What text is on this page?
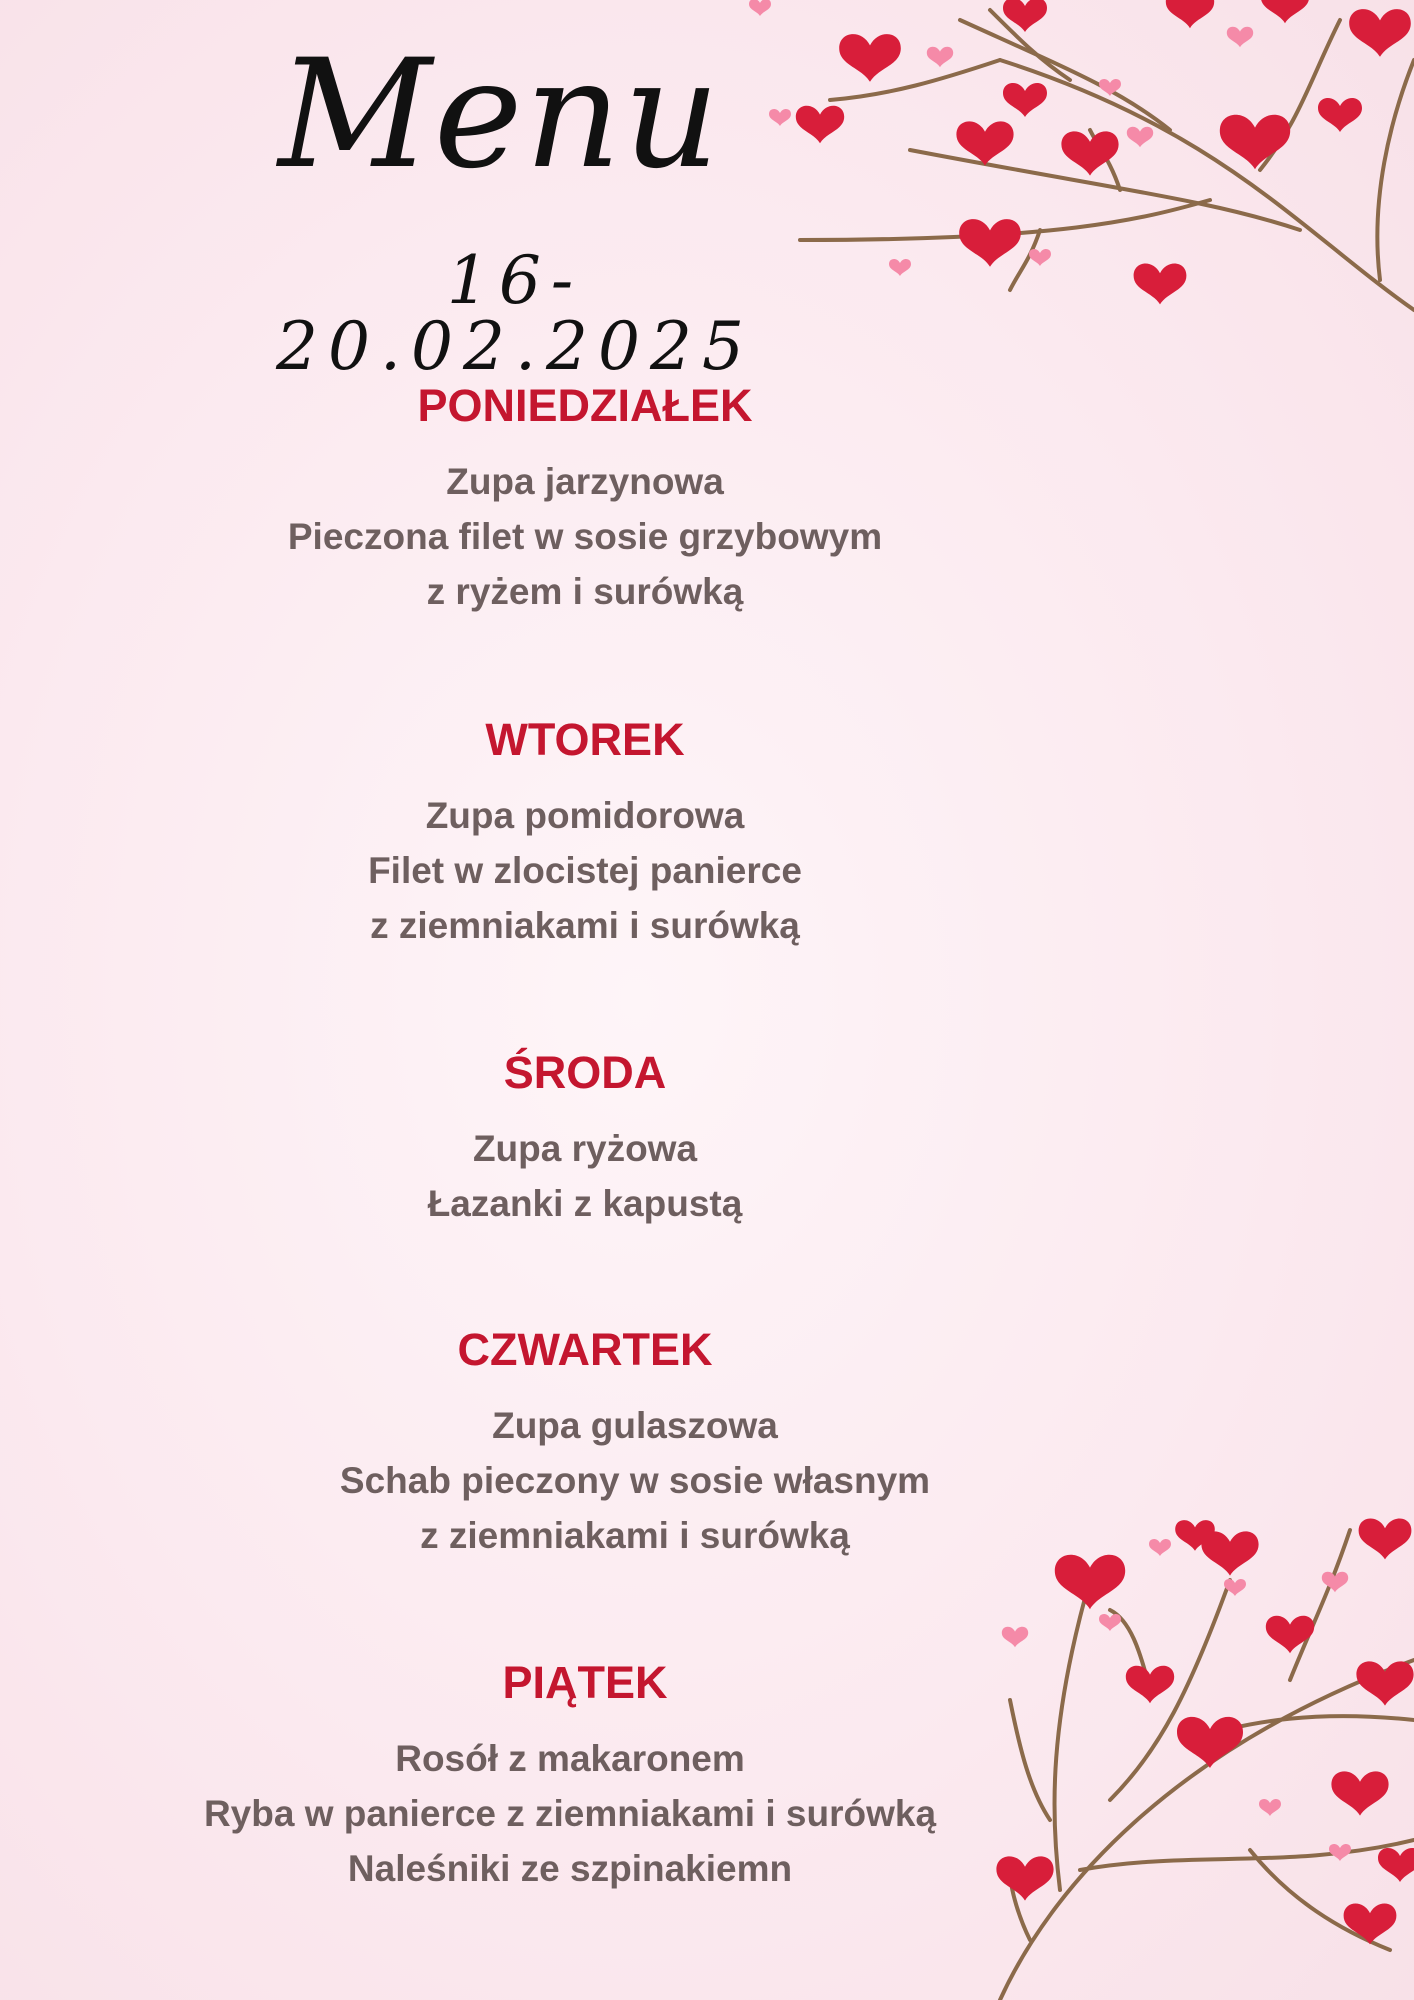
Menu
16-20.02.2025
PONIEDZIAŁEK
Zupa jarzynowa
Pieczona filet w sosie grzybowym
z ryżem i surówką
WTOREK
Zupa pomidorowa
Filet w zlocistej panierce
z ziemniakami i surówką
ŚRODA
Zupa ryżowa
Łazanki z kapustą
CZWARTEK
Zupa gulaszowa
Schab pieczony w sosie własnym
z ziemniakami i surówką
PIĄTEK
Rosół z makaronem
Ryba w panierce z ziemniakami i surówką
Naleśniki ze szpinakiemn
